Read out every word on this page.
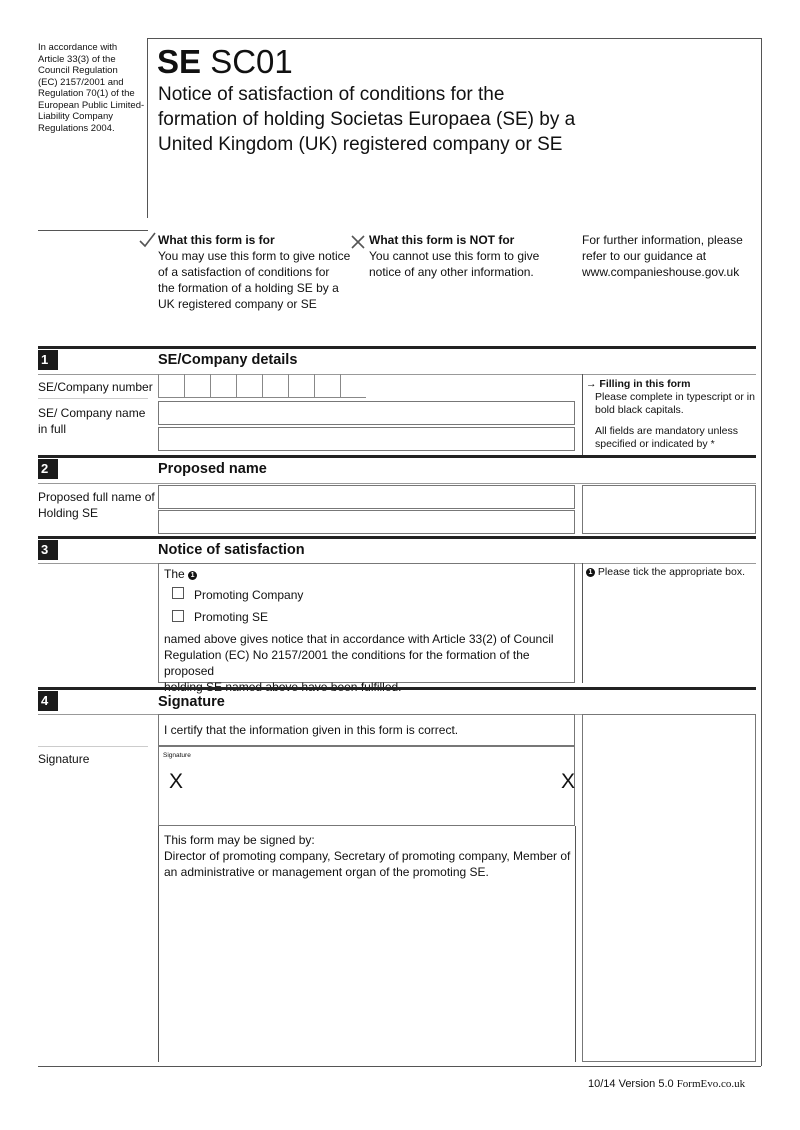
In accordance with
Article 33(3) of the
Council Regulation
(EC) 2157/2001 and
Regulation 70(1) of the
European Public Limited-
Liability Company
Regulations 2004.
SE SC01
Notice of satisfaction of conditions for the
formation of holding Societas Europaea (SE) by a
United Kingdom (UK) registered company or SE
What this form is for
You may use this form to give notice
of a satisfaction of conditions for
the formation of a holding SE by a
UK registered company or SE
What this form is NOT for
You cannot use this form to give
notice of any other information.
For further information, please
refer to our guidance at
www.companieshouse.gov.uk
1	SE/Company details
SE/Company number
SE/ Company name
in full
→ Filling in this form
Please complete in typescript or in
bold black capitals.
All fields are mandatory unless
specified or indicated by *
2	Proposed name
Proposed full name of
Holding SE
3	Notice of satisfaction
The 1
Promoting Company
Promoting SE
named above gives notice that in accordance with Article 33(2) of Council
Regulation (EC) No 2157/2001 the conditions for the formation of the proposed
1 Please tick the appropriate box.
4	Signature
I certify that the information given in this form is correct.
Signature	Signature
X	X
This form may be signed by:
Director of promoting company, Secretary of promoting company, Member of
an administrative or management organ of the promoting SE.
10/14 Version 5.0 FormEvo.co.uk
